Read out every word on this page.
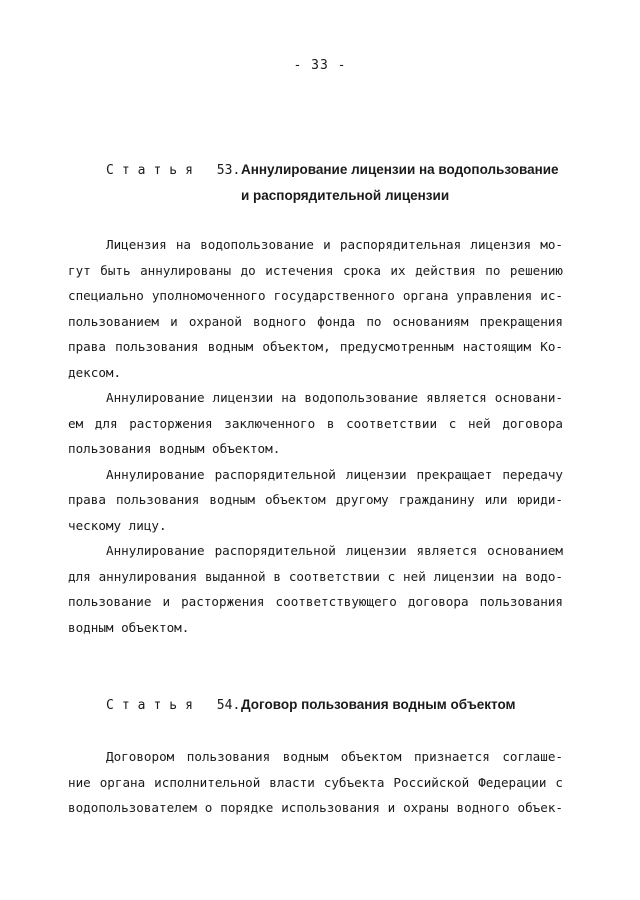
- 33 -
Статья 53.Аннулирование лицензии на водопользование
и распорядительной лицензии
Лицензия на водопользование и распорядительная лицензия мо-
гут быть аннулированы до истечения срока их действия по решению
специально уполномоченного государственного органа управления ис-
пользованием и охраной водного фонда по основаниям прекращения
права пользования водным объектом, предусмотренным настоящим Ко-
дексом.
Аннулирование лицензии на водопользование является основани-
ем для расторжения заключенного в соответствии с ней договора
пользования водным объектом.
Аннулирование распорядительной лицензии прекращает передачу
права пользования водным объектом другому гражданину или юриди-
ческому лицу.
Аннулирование распорядительной лицензии является основанием
для аннулирования выданной в соответствии с ней лицензии на водо-
пользование и расторжения соответствующего договора пользования
водным объектом.
Статья 54.Договор пользования водным объектом
Договором пользования водным объектом признается соглаше-
ние органа исполнительной власти субъекта Российской Федерации с
водопользователем о порядке использования и охраны водного объек-
